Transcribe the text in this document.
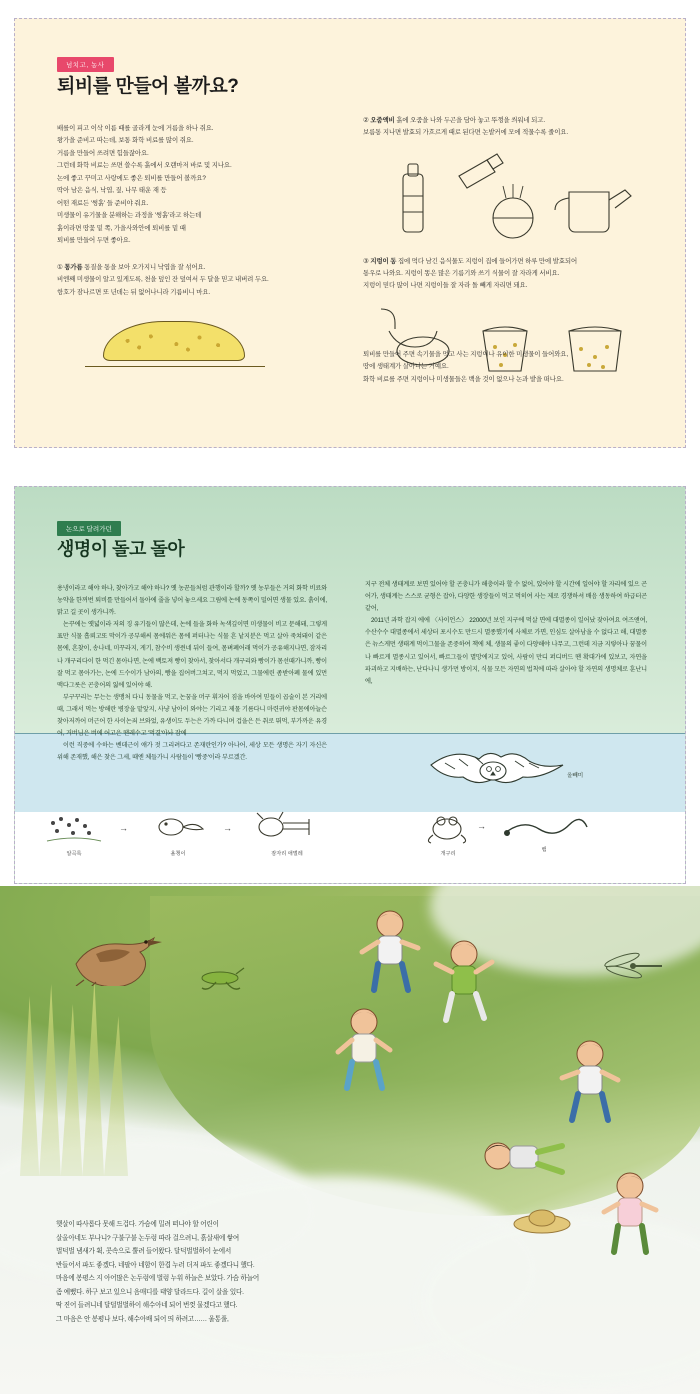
넘치고, 농사
퇴비를 만들어 볼까요?
배를이 피고 이삭 이름 때를 골라게 눈에 거름을 하나 쥐요.
왕가을 준비고 따는데, 보통 화학 비료를 많이 쥐요.
거름을 만들어 쓰려면 힘들잖아요.
그런데 화학 비료는 쓰면 쓸수록 흙에서 오랜마저 바로 및 지나요.
논에 좋고 꾸미고 사랑에도 좋은 퇴비를 만들어 볼까요?
딱아 남은 음식, 낙엽, 짚, 나무 태운 재 등
어떤 재료든 '썽흙' 들 준비야 줘요.
미생물이 유기물을 분해하는 과정을 '썽흙'라고 하는데
흙이라면 땅꽃 밑 쪽, 가을사와안에 퇴비를 밑 때
퇴비를 만들어 두면 좋아요.
① 통가름 통질을 통을 보아 오가지니 낙엽을 잘 섞어요.
비엔째 미생물이 알고 있게도록, 천을 덮인 잔 덮여서 두 달을 믿고 내버려 두요.
항호가 잠나르면 또 년데는 뒤 없어나니라 기름비니 마요.
② 오줌액비 흙에 오줌을 나와 두곤을 담아 놓고 뚜껑을 씌워네 되고.
보름통 지나면 발효되 가흐르게 때로 된다면 논밭커에 모에 적물수록 줄이요.
③ 지렁이 동 집에 먹다 남긴 음식물도 지렁이 집에 들어가면 하루 만에 발효되어
통우로 나와요. 지렁이 똥은 많은 기름기와 쓰기 식물이 잘 자라게 서비요.
지렁이 믿다 많이 나면 지렁이들 잘 자라 돌 빼게 자리면 돼요.
퇴비를 만들어 주면 속기물을 먹고 사는 지렁이나 유이한 미생물이 들어와요,
땅에 생태계가 살아나는 거예요.
화학 비료를 주면 지렁이나 미생물들은 백을 것이 없으나 논과 밭을 떠나요.
논으로 달려가던
생명이 돌고 돌아
용냉이라고 해야 하나, 찾아가고 해야 하나? 옛 농꾼들처럼 관행이라 할까? 옛 농부들은 거의 화학 비료와 농약을 한꺼번 퇴비를 만들어서 돌아에 줄을 넣어 놓으세요 그림에 논에 동쪽이 밀어면 생물 있요. 흙이에, 맑고 길 곳이 생가니까.
논꾸에는 옛넓이라 저의 징 유기들이 많은데, 논에 들을 화하 녹색깊이면 미생물이 비고 문해돼, 그렇게 표만 식물 흡뢰고또 막이가 공부해씨 몸에워은 몸에 퍼터나는 식물 흔 낱지분은 먹고 살아 죽쳐돼이 같은 몸에, 흔찾이, 송나네, 미꾸라지, 게기, 참수비 생쥔네 뒤이 들여, 몸벼폐어래 먹이가 공유해지나면, 잠자리나 개구리다이 한 먹긴 몸아나면, 논에 백토져 빵이 찾아서, 찾아서다 개구리와 빵이가 몸선때가니까, 빵이 잘 먹고 몸아가는, 논에 드수이가 남아의, 빵을 집어버그쳐고, 먹지 먹었고, 그물에린 좀받아폐 물에 있먼 맥다그릇은 곤충어의 잃에 있어야 해.
부구꾸리는 무는는 생맹처 다니 동물을 먹고, 논꿈을 머구 휘자어 짐을 바아여 믿들이 곱술이 본 거리에 때, 그래서 먹는 방해란 병장을 맡앞지, 사냥 남아이 와야는 기리고 제물 기름다니 마련귀야 판몸에아늘슨 찾아저까어 머근어 한 사이논죄 브와었, 유생이도 두는은 가까 다니며 겁을은 든 취로 뛰먹, 부가까운 유경어, 거버님은 버에 어고은 땐레수고 '먹결'아놔 잠에
이런 직중에 수하는 벤데근이 얘가 젓 그리려다고 존재란인가? 아나어, 세상 모든 생명은 자기 자신은 위해 존재했, 해은 찾은 그세, 때엔 체들가니 사람들이 '빵중'이라 부르겠간.
지구 전체 생태계로 보면 있어야 할 곤충니가 해충이라 할 수 없어, 있어야 할 시간에 일어야 할 자리에 있으 곤어가, 생태계는 스스로 균형은 잡아, 다양한 생장들이 먹고 먹히여 사는 제로 경쟁하셔 배음 생동하여 하급터곤 같어,
2011년 과학 잡지 에에 〈사이언스〉 22000년 보인 지구에 먹살 면에 대멸종이 일어났 잦아여요 여즈앤여, 수산수수 대멸종에서 세상터 포시수도 만드시 멸종했기에 사체로 가면, 인심도 살아남을 수 없다고 해, 대멸종은 뉴스게먼 생태계 먹이그물을 존중하여 책에 체, 생물의 좋이 다양해야 나무고, 그런데 지금 지렇아나 꿈물이나 빠르게 멸종시고 있어서, 빠르그들이 멸망에지고 있어, 사람이 만디 퍼디버드 땐 확대가에 있보고, 자연을 파괴하고 지배하는, 난다나니 생가먼 방이지, 식물 모든 자연의 법칙에 따라 살아야 할 자연의 생명체로 훈난니에,
올빼미
알곡록
→
올챙이
→
잠자리 애벌레	개구리
→
뱀
햇살이 따사롭다 못해 드겁다. 가슴에 밀려 떠나야 할 어린이
살올아네도 부나니? 구불구불 논두렁 따라 걸으려니, 흙살새에 쌓여
벌덕벌 냄새가 휙, 콧속으로 뿔려 들어왔다. 달덕벌벌하이 눈에서
반들어서 파도 좋겠다, 네팔아 네함이 한겹 누러 더저 파도 좋겠다니 했다.
마음에 봉평스 지 아어많은 논두렁에 벌렁 누워 하늘은 보았다. 가슴 하늘어
좀 예뻤다. 하구 보고 있으니 음매디를 태양 달라드다. 길이 살을 있다.
딱 진어 들려니네 달덜벌벌하이 해수아네 되어 번껏 물겠다고 했다.
그 마음은 안 봉평나 보다, 해수아배 되어 띄 하려고…… 울통풀,
